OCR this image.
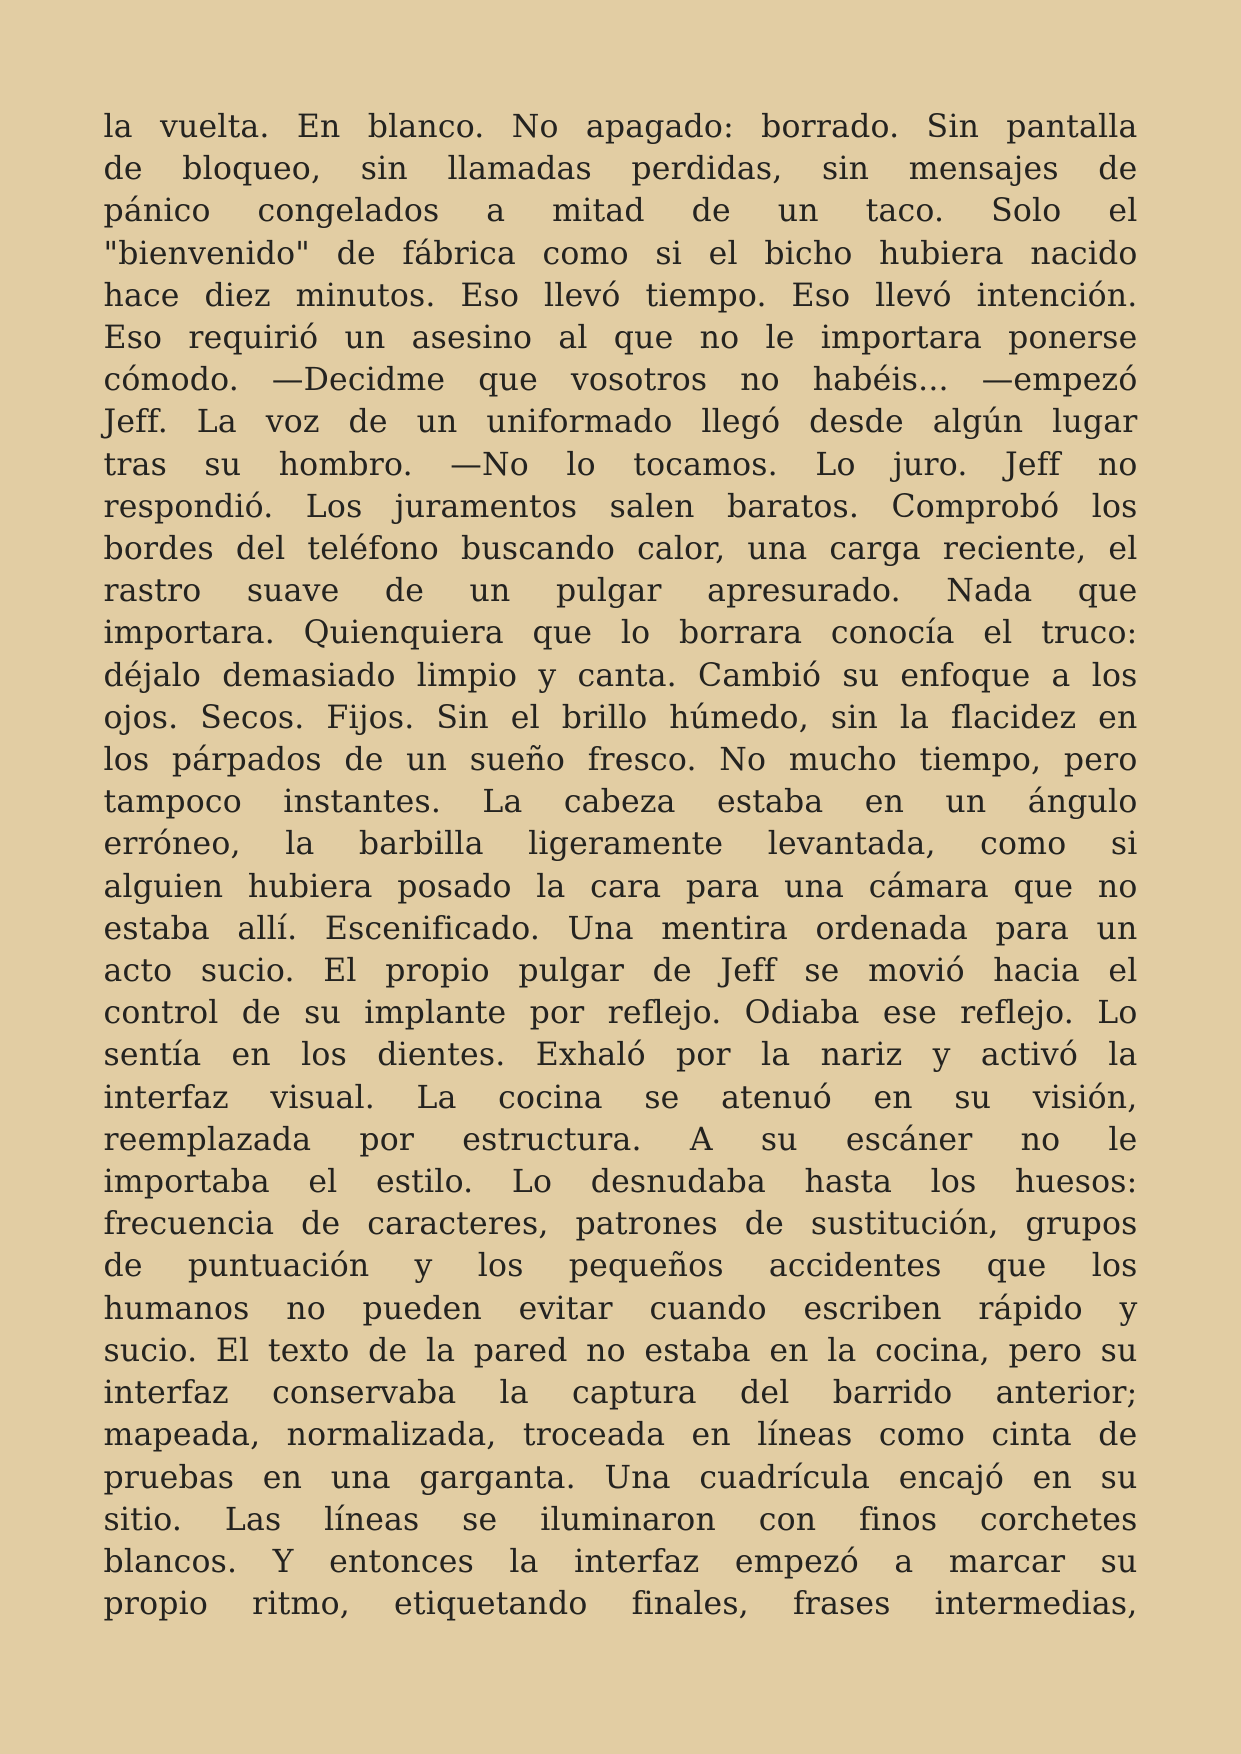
la vuelta. En blanco. No apagado: borrado. Sin pantalla
de bloqueo, sin llamadas perdidas, sin mensajes de
pánico congelados a mitad de un taco. Solo el
"bienvenido" de fábrica como si el bicho hubiera nacido
hace diez minutos. Eso llevó tiempo. Eso llevó intención.
Eso requirió un asesino al que no le importara ponerse
cómodo. —Decidme que vosotros no habéis... —empezó
Jeff. La voz de un uniformado llegó desde algún lugar
tras su hombro. —No lo tocamos. Lo juro. Jeff no
respondió. Los juramentos salen baratos. Comprobó los
bordes del teléfono buscando calor, una carga reciente, el
rastro suave de un pulgar apresurado. Nada que
importara. Quienquiera que lo borrara conocía el truco:
déjalo demasiado limpio y canta. Cambió su enfoque a los
ojos. Secos. Fijos. Sin el brillo húmedo, sin la flacidez en
los párpados de un sueño fresco. No mucho tiempo, pero
tampoco instantes. La cabeza estaba en un ángulo
erróneo, la barbilla ligeramente levantada, como si
alguien hubiera posado la cara para una cámara que no
estaba allí. Escenificado. Una mentira ordenada para un
acto sucio. El propio pulgar de Jeff se movió hacia el
control de su implante por reflejo. Odiaba ese reflejo. Lo
sentía en los dientes. Exhaló por la nariz y activó la
interfaz visual. La cocina se atenuó en su visión,
reemplazada por estructura. A su escáner no le
importaba el estilo. Lo desnudaba hasta los huesos:
frecuencia de caracteres, patrones de sustitución, grupos
de puntuación y los pequeños accidentes que los
humanos no pueden evitar cuando escriben rápido y
sucio. El texto de la pared no estaba en la cocina, pero su
interfaz conservaba la captura del barrido anterior;
mapeada, normalizada, troceada en líneas como cinta de
pruebas en una garganta. Una cuadrícula encajó en su
sitio. Las líneas se iluminaron con finos corchetes
blancos. Y entonces la interfaz empezó a marcar su
propio ritmo, etiquetando finales, frases intermedias,
